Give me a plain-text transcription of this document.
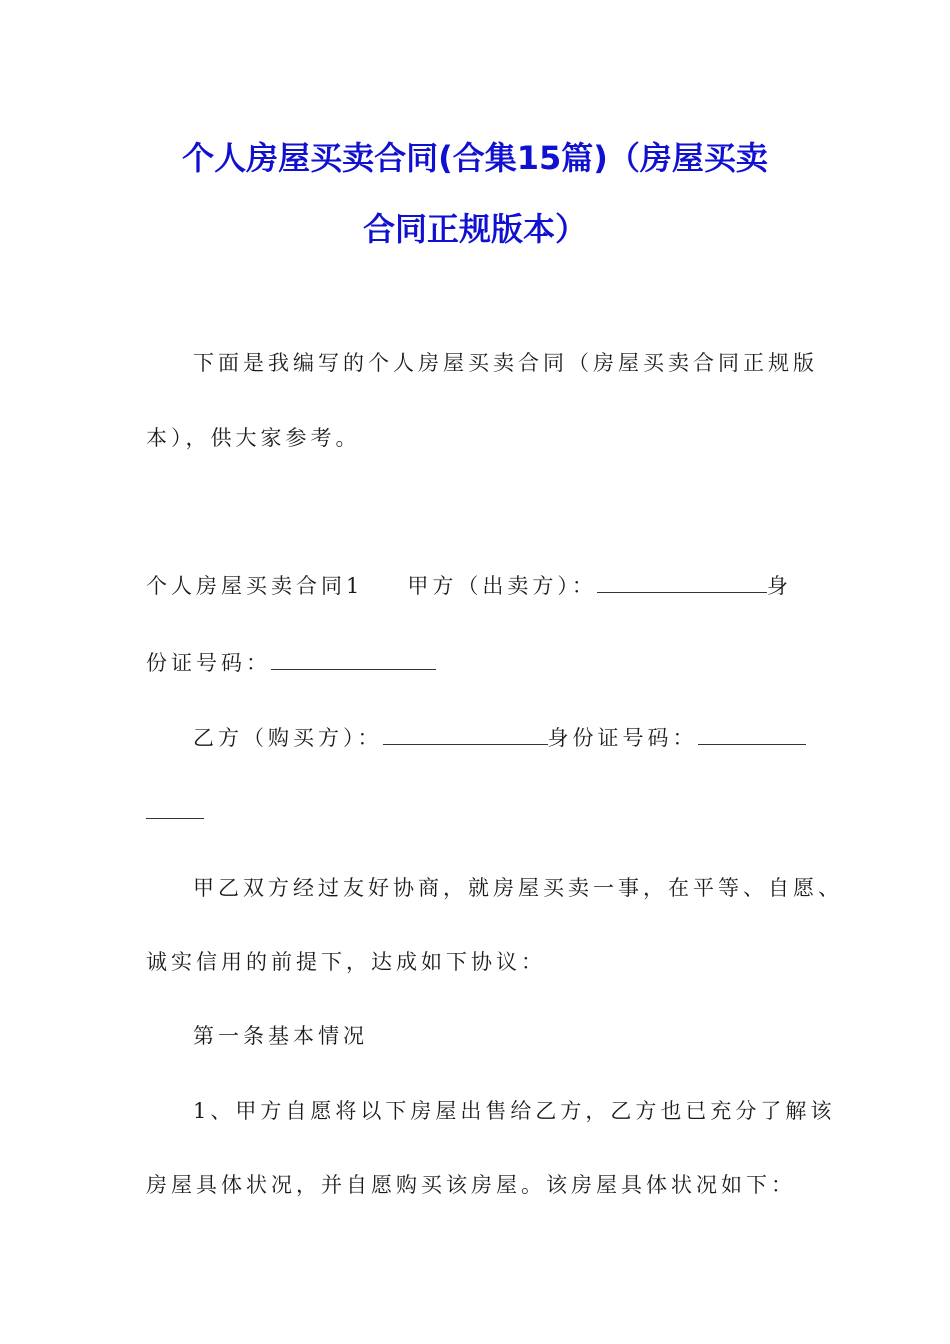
个人房屋买卖合同(合集15篇)（房屋买卖
合同正规版本）
下面是我编写的个人房屋买卖合同（房屋买卖合同正规版
本），供大家参考。
个人房屋买卖合同1 甲方（出卖方）：	身
份证号码：
乙方（购买方）：	身份证号码：
甲乙双方经过友好协商，就房屋买卖一事，在平等、自愿、
诚实信用的前提下，达成如下协议：
第一条基本情况
1、甲方自愿将以下房屋出售给乙方，乙方也已充分了解该
房屋具体状况，并自愿购买该房屋。该房屋具体状况如下：
